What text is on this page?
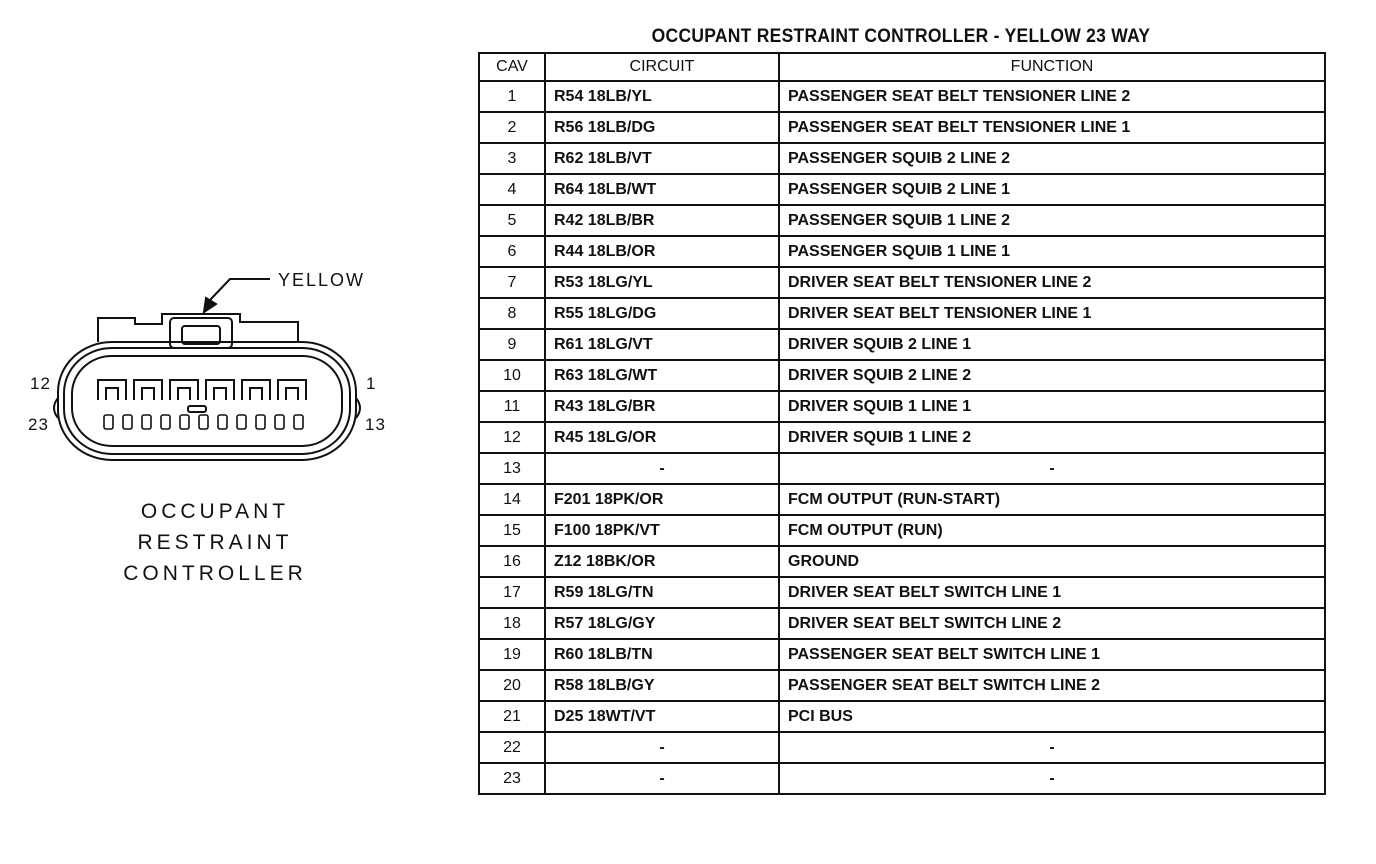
YELLOW
12
23
1
13
OCCUPANT
RESTRAINT
CONTROLLER
OCCUPANT RESTRAINT CONTROLLER - YELLOW 23 WAY
CAV	CIRCUIT	FUNCTION
1	R54 18LB/YL	PASSENGER SEAT BELT TENSIONER LINE 2
2	R56 18LB/DG	PASSENGER SEAT BELT TENSIONER LINE 1
3	R62 18LB/VT	PASSENGER SQUIB 2 LINE 2
4	R64 18LB/WT	PASSENGER SQUIB 2 LINE 1
5	R42 18LB/BR	PASSENGER SQUIB 1 LINE 2
6	R44 18LB/OR	PASSENGER SQUIB 1 LINE 1
7	R53 18LG/YL	DRIVER SEAT BELT TENSIONER LINE 2
8	R55 18LG/DG	DRIVER SEAT BELT TENSIONER LINE 1
9	R61 18LG/VT	DRIVER SQUIB 2 LINE 1
10	R63 18LG/WT	DRIVER SQUIB 2 LINE 2
11	R43 18LG/BR	DRIVER SQUIB 1 LINE 1
12	R45 18LG/OR	DRIVER SQUIB 1 LINE 2
13	-	-
14	F201 18PK/OR	FCM OUTPUT (RUN-START)
15	F100 18PK/VT	FCM OUTPUT (RUN)
16	Z12 18BK/OR	GROUND
17	R59 18LG/TN	DRIVER SEAT BELT SWITCH LINE 1
18	R57 18LG/GY	DRIVER SEAT BELT SWITCH LINE 2
19	R60 18LB/TN	PASSENGER SEAT BELT SWITCH LINE 1
20	R58 18LB/GY	PASSENGER SEAT BELT SWITCH LINE 2
21	D25 18WT/VT	PCI BUS
22	-	-
23	-	-
